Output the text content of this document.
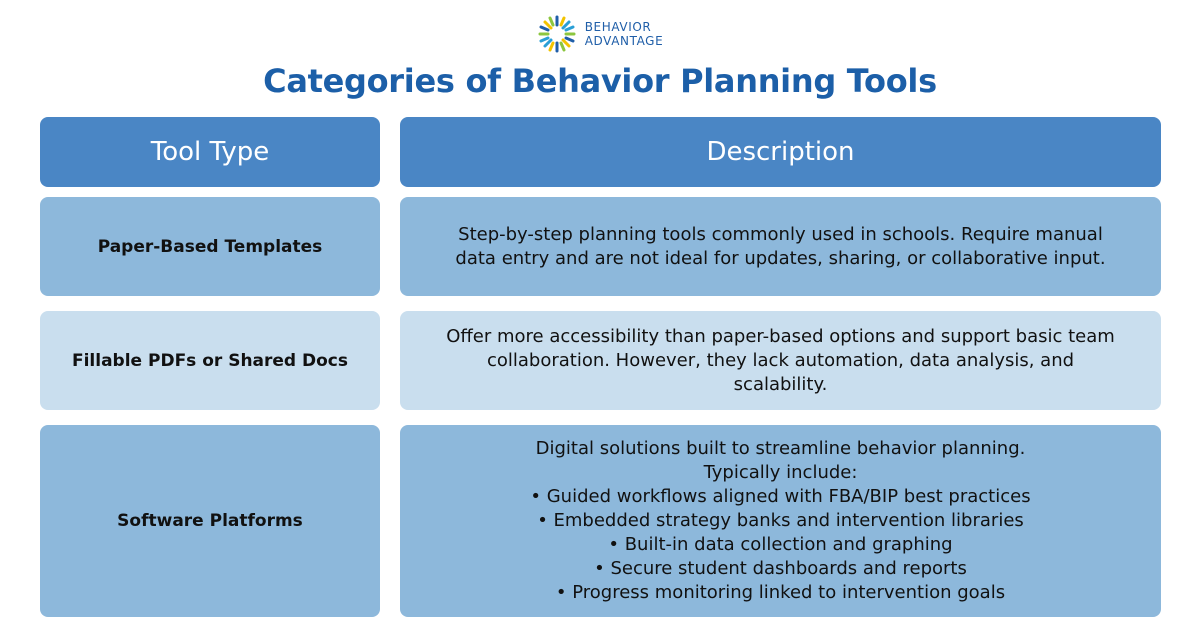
BEHAVIOR
ADVANTAGE
Categories of Behavior Planning Tools
Tool Type	Description
Paper-Based Templates

Step-by-step planning tools commonly used in schools. Require manual data entry and are not ideal for updates, sharing, or collaborative input.

Fillable PDFs or Shared Docs

Offer more accessibility than paper-based options and support basic team collaboration. However, they lack automation, data analysis, and scalability.

Software Platforms
Digital solutions built to streamline behavior planning.
Typically include:
• Guided workflows aligned with FBA/BIP best practices
• Embedded strategy banks and intervention libraries
• Built-in data collection and graphing
• Secure student dashboards and reports
• Progress monitoring linked to intervention goals
